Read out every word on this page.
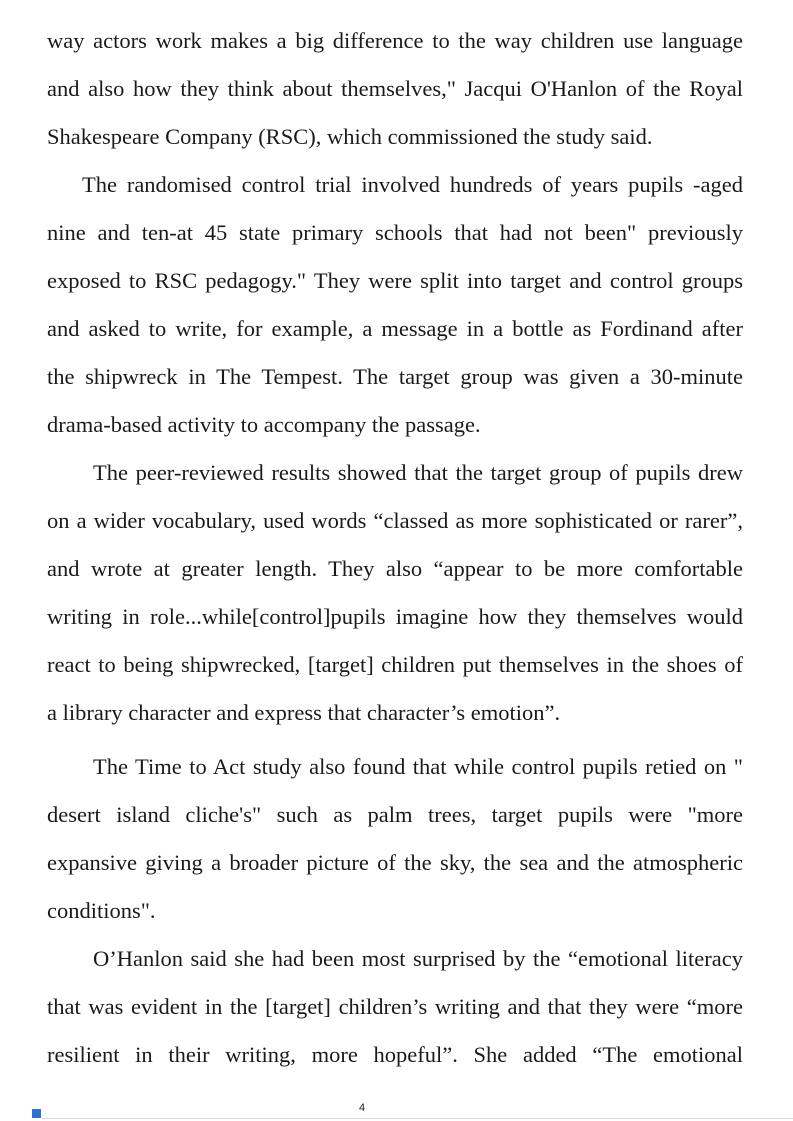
way actors work makes a big difference to the way children use language
and also how they think about themselves," Jacqui O'Hanlon of the Royal
Shakespeare Company (RSC), which commissioned the study said.
The randomised control trial involved hundreds of years pupils -aged
nine and ten-at 45 state primary schools that had not been" previously
exposed to RSC pedagogy." They were split into target and control groups
and asked to write, for example, a message in a bottle as Fordinand after
the shipwreck in The Tempest. The target group was given a 30-minute
drama-based activity to accompany the passage.
The peer-reviewed results showed that the target group of pupils drew
on a wider vocabulary, used words “classed as more sophisticated or rarer”,
and wrote at greater length. They also “appear to be more comfortable
writing in role...while[control]pupils imagine how they themselves would
react to being shipwrecked, [target] children put themselves in the shoes of
a library character and express that character’s emotion”.
The Time to Act study also found that while control pupils retied on "
desert island cliche's" such as palm trees, target pupils were "more
expansive giving a broader picture of the sky, the sea and the atmospheric
conditions".
O’Hanlon said she had been most surprised by the “emotional literacy
that was evident in the [target] children’s writing and that they were “more
resilient in their writing, more hopeful”. She added “The emotional
4
